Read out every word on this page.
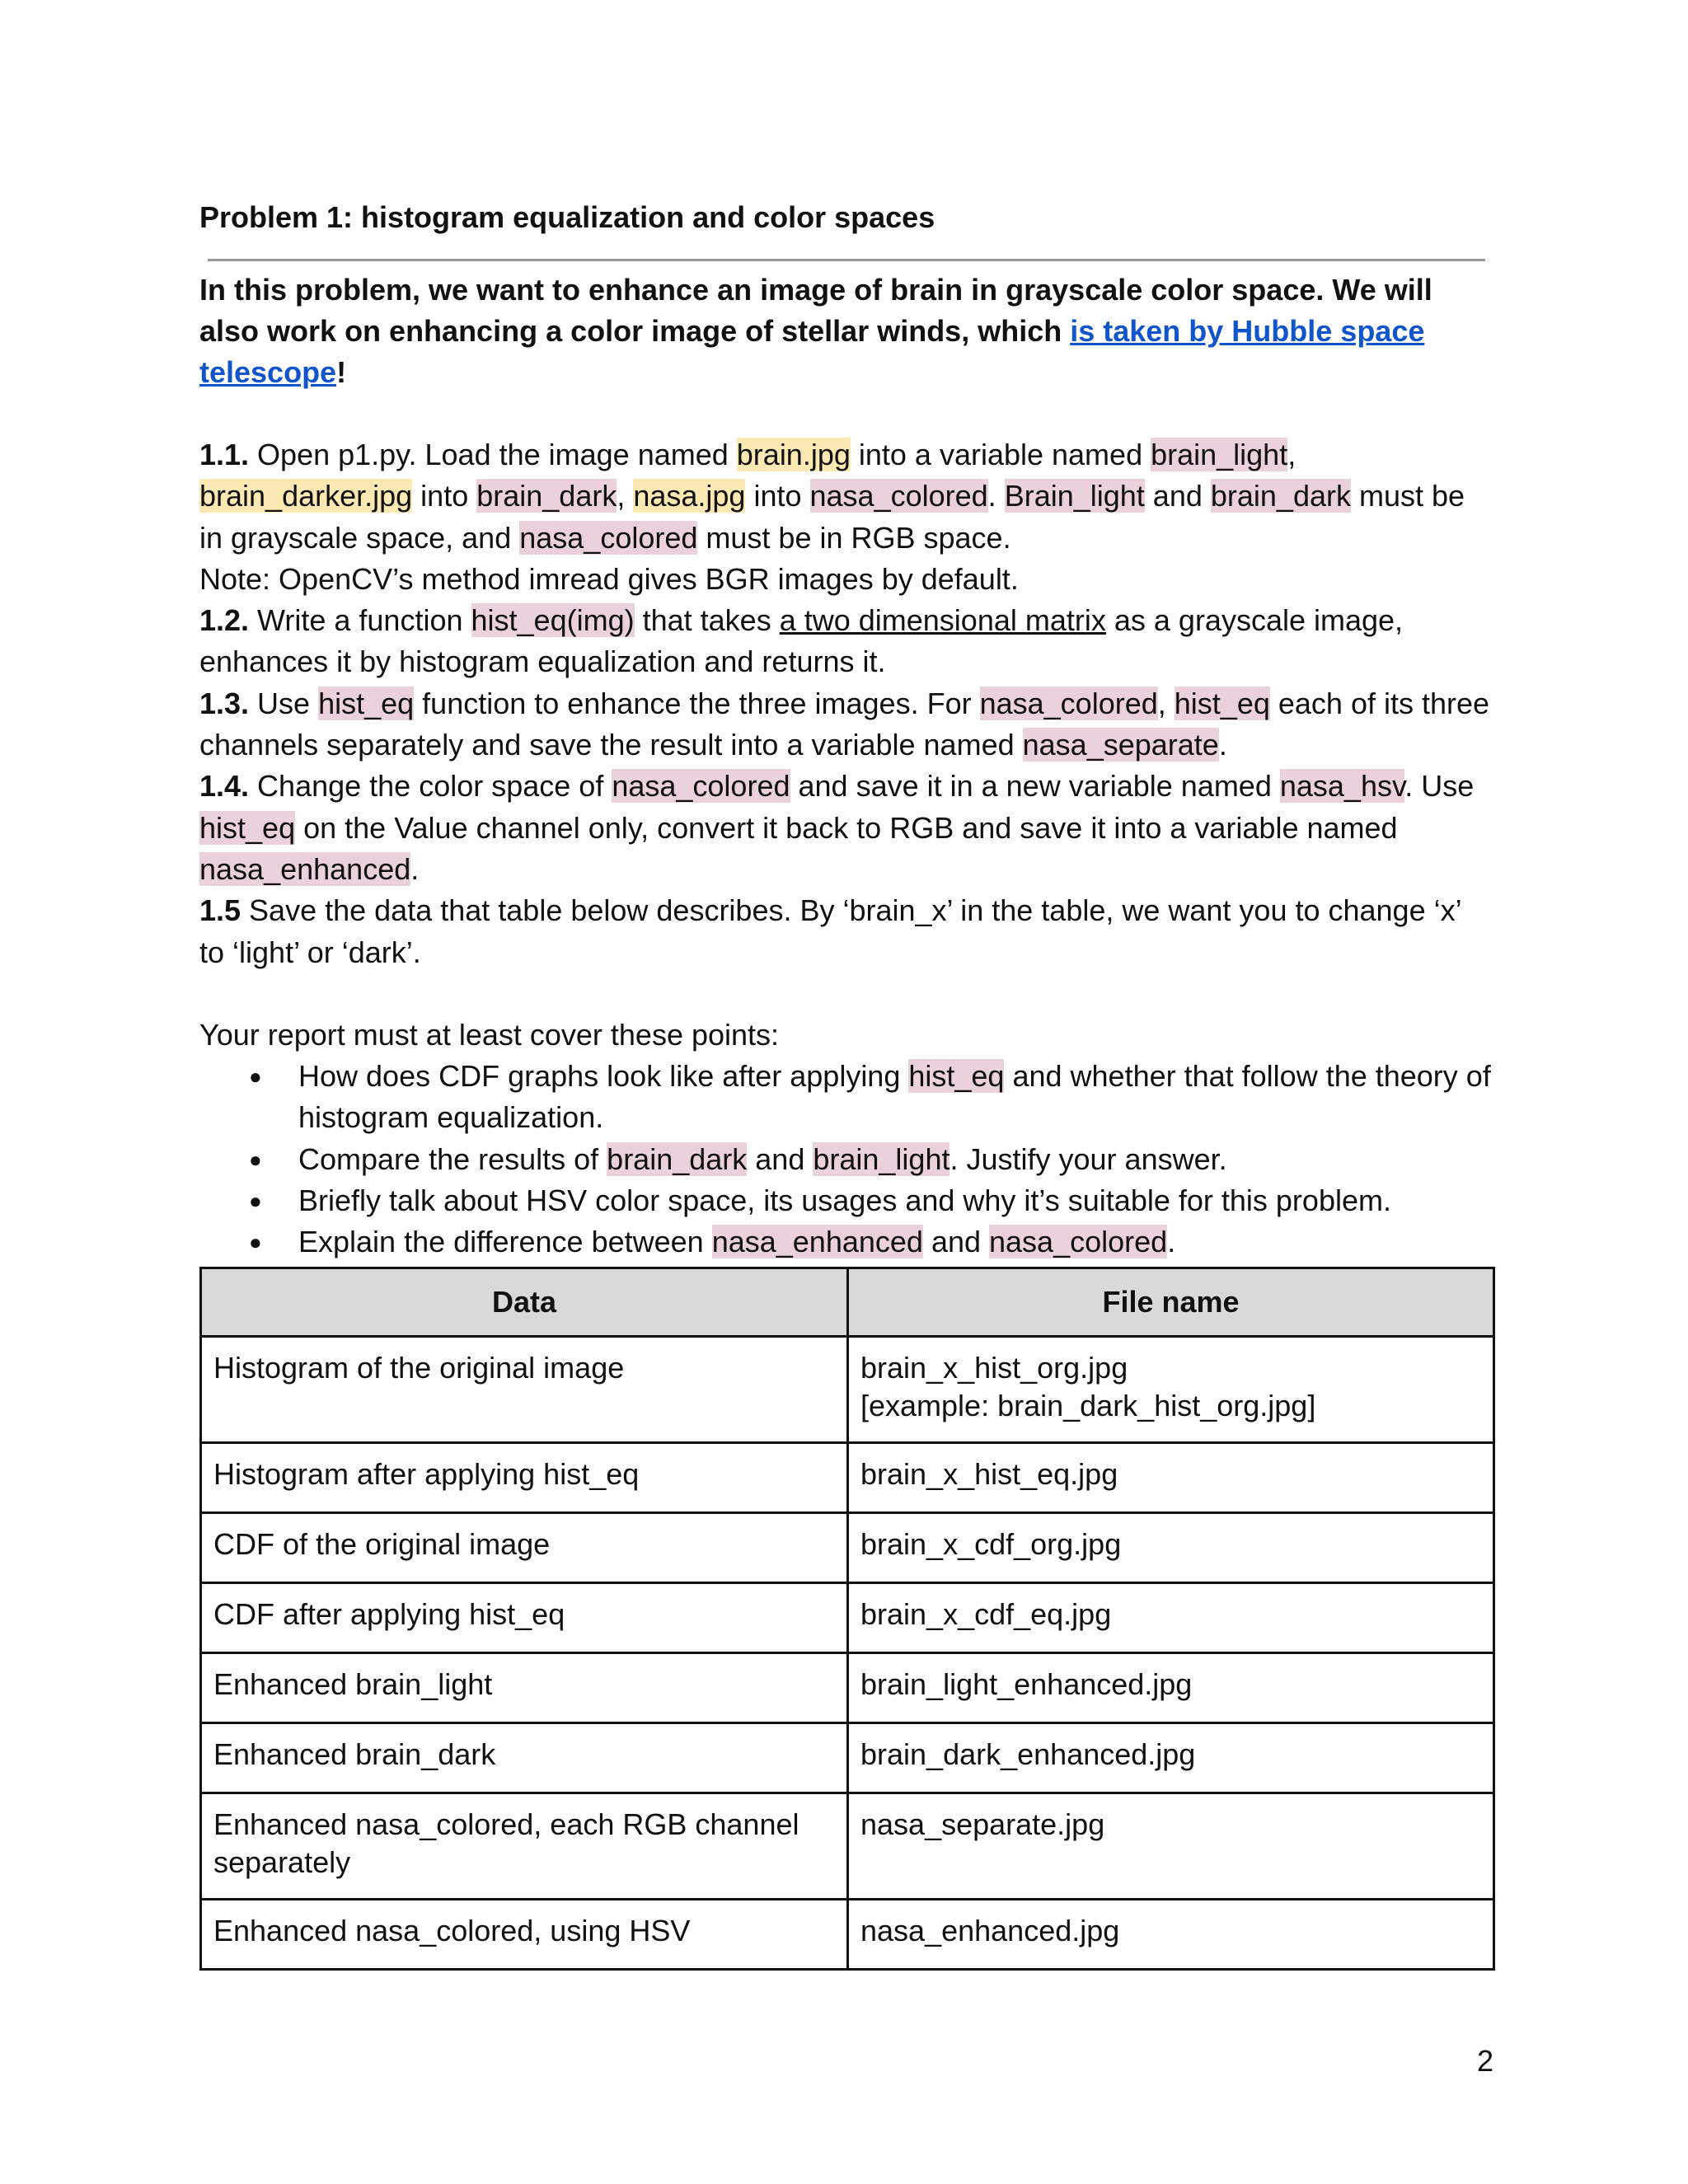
Problem 1: histogram equalization and color spaces

In this problem, we want to enhance an image of brain in grayscale color space. We will also work on enhancing a color image of stellar winds, which is taken by Hubble space telescope!

1.1. Open p1.py. Load the image named brain.jpg into a variable named brain_light, brain_darker.jpg into brain_dark, nasa.jpg into nasa_colored. Brain_light and brain_dark must be in grayscale space, and nasa_colored must be in RGB space.

Note: OpenCV’s method imread gives BGR images by default.

1.2. Write a function hist_eq(img) that takes a two dimensional matrix as a grayscale image, enhances it by histogram equalization and returns it.

1.3. Use hist_eq function to enhance the three images. For nasa_colored, hist_eq each of its three channels separately and save the result into a variable named nasa_separate.

1.4. Change the color space of nasa_colored and save it in a new variable named nasa_hsv. Use hist_eq on the Value channel only, convert it back to RGB and save it into a variable named nasa_enhanced.

1.5 Save the data that table below describes. By ‘brain_x’ in the table, we want you to change ‘x’ to ‘light’ or ‘dark’.

Your report must at least cover these points:

● How does CDF graphs look like after applying hist_eq and whether that follow the theory of histogram equalization.
● Compare the results of brain_dark and brain_light. Justify your answer.
● Briefly talk about HSV color space, its usages and why it’s suitable for this problem.
● Explain the difference between nasa_enhanced and nasa_colored.
Data	File name
Histogram of the original image	brain_x_hist_org.jpg
[example: brain_dark_hist_org.jpg]

Histogram after applying hist_eq	brain_x_hist_eq.jpg
CDF of the original image	brain_x_cdf_org.jpg
CDF after applying hist_eq	brain_x_cdf_eq.jpg
Enhanced brain_light	brain_light_enhanced.jpg
Enhanced brain_dark	brain_dark_enhanced.jpg
Enhanced nasa_colored, each RGB channel separately	nasa_separate.jpg
Enhanced nasa_colored, using HSV	nasa_enhanced.jpg
2
